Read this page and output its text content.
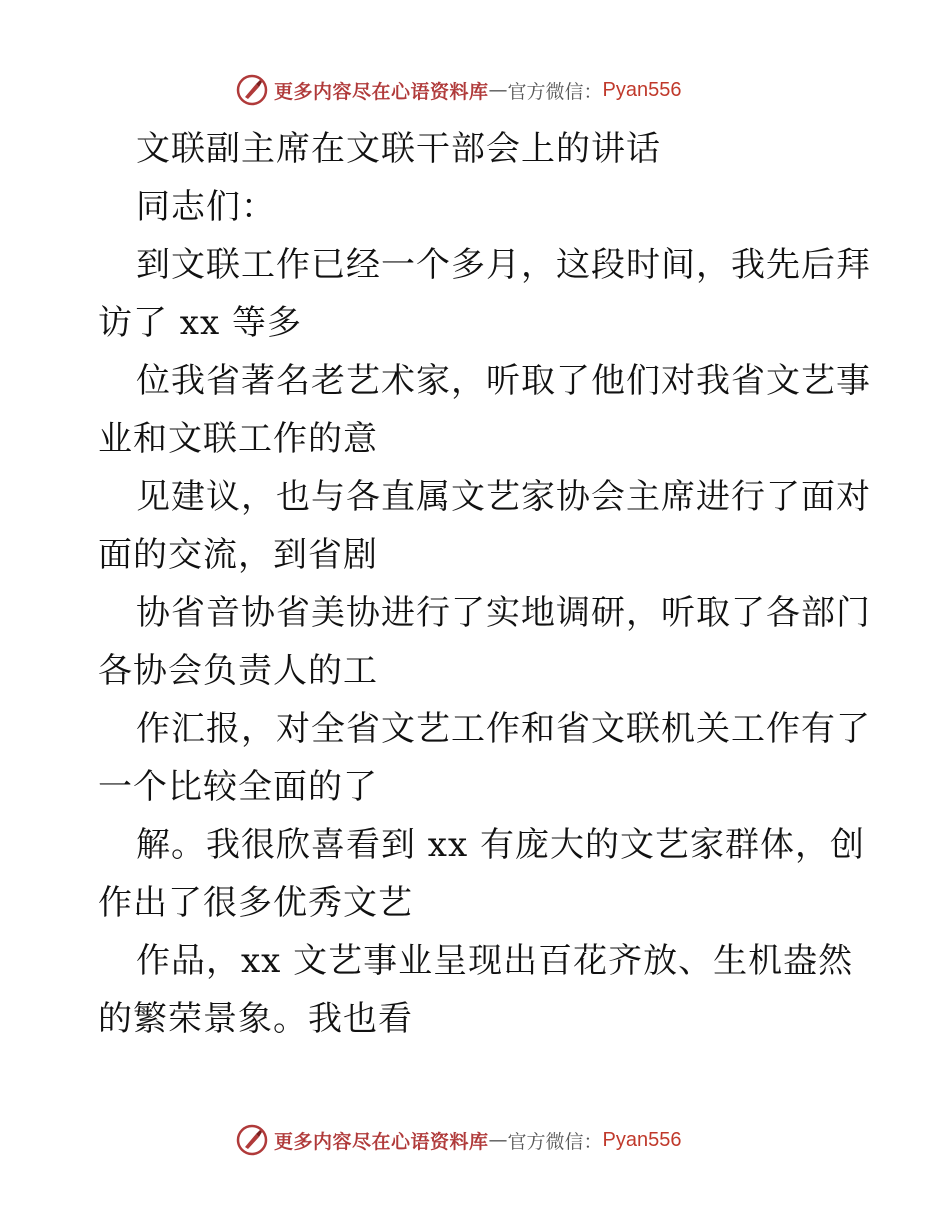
更多内容尽在心语资料库 — 官方微信： Pyan556
文联副主席在文联干部会上的讲话
同志们：
到文联工作已经一个多月，这段时间，我先后拜
访了 xx 等多
位我省著名老艺术家，听取了他们对我省文艺事
业和文联工作的意
见建议，也与各直属文艺家协会主席进行了面对
面的交流，到省剧
协省音协省美协进行了实地调研，听取了各部门
各协会负责人的工
作汇报，对全省文艺工作和省文联机关工作有了
一个比较全面的了
解。我很欣喜看到 xx 有庞大的文艺家群体，创
作出了很多优秀文艺
作品，xx 文艺事业呈现出百花齐放、生机盎然
的繁荣景象。我也看
更多内容尽在心语资料库 — 官方微信： Pyan556
